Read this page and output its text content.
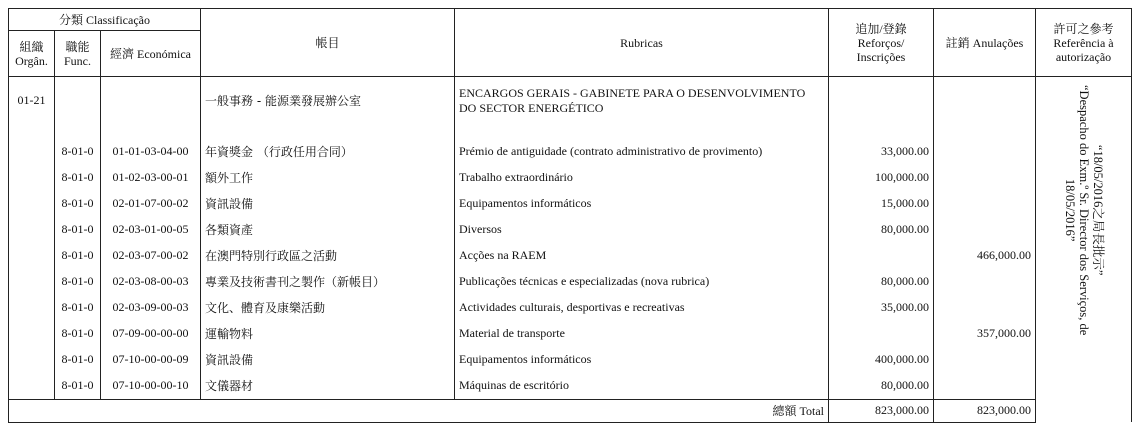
分類 Classificação			帳目	Rubricas	追加/登錄 Reforços/ Inscrições	註銷 Anulações	許可之參考 Referência à autorização
組織 Orgân.	職能 Func.	經濟 Económica					
01-21			一般事務 - 能源業發展辦公室	ENCARGOS GERAIS - GABINETE PARA O DESENVOLVIMENTO DO SECTOR ENERGÉTICO			“18/05/2016之局長批示”
“Despacho do Exm.º Sr. Director dos Serviços, de
18/05/2016”

	8-01-0	01-01-03-04-00	年資獎金 （行政任用合同）	Prémio de antiguidade (contrato administrativo de provimento)	33,000.00		
	8-01-0	01-02-03-00-01	額外工作	Trabalho extraordinário	100,000.00		
	8-01-0	02-01-07-00-02	資訊設備	Equipamentos informáticos	15,000.00		
	8-01-0	02-03-01-00-05	各類資產	Diversos	80,000.00		
	8-01-0	02-03-07-00-02	在澳門特別行政區之活動	Acções na RAEM		466,000.00	
	8-01-0	02-03-08-00-03	專業及技術書刊之製作（新帳目）	Publicações técnicas e especializadas (nova rubrica)	80,000.00		
	8-01-0	02-03-09-00-03	文化、體育及康樂活動	Actividades culturais, desportivas e recreativas	35,000.00		
	8-01-0	07-09-00-00-00	運輸物料	Material de transporte		357,000.00	
	8-01-0	07-10-00-00-09	資訊設備	Equipamentos informáticos	400,000.00		
	8-01-0	07-10-00-00-10	文儀器材	Máquinas de escritório	80,000.00		
總額 Total					823,000.00	823,000.00	
